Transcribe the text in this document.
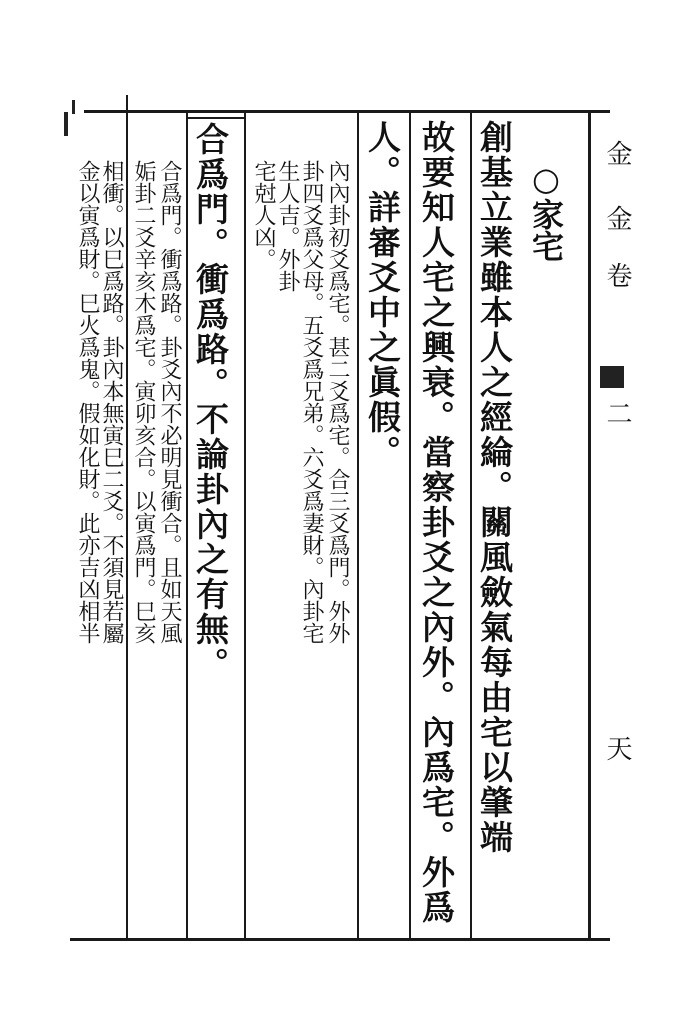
○家宅
創基立業雖本人之經綸。關風斂氣每由宅以肇端
故要知人宅之興衰。當察卦爻之內外。內爲宅。外爲
人。詳審爻中之眞假。
合爲門。衝爲路。不論卦內之有無。	內內卦初爻爲宅。甚二爻爲宅。合三爻爲門。外外
卦四爻爲父母。五爻爲兄弟。六爻爲妻財。內卦宅
生人吉。外卦
宅尅人凶。
合爲門。衝爲路。卦爻內不必明見衝合。且如天風
姤卦二爻辛亥木爲宅。寅卯亥合。以寅爲門。巳亥
相衝。以巳爲路。卦內本無寅巳二爻。不須見若屬
金以寅爲財。巳火爲鬼。假如化財。此亦吉凶相半
金
金
卷
二
天
